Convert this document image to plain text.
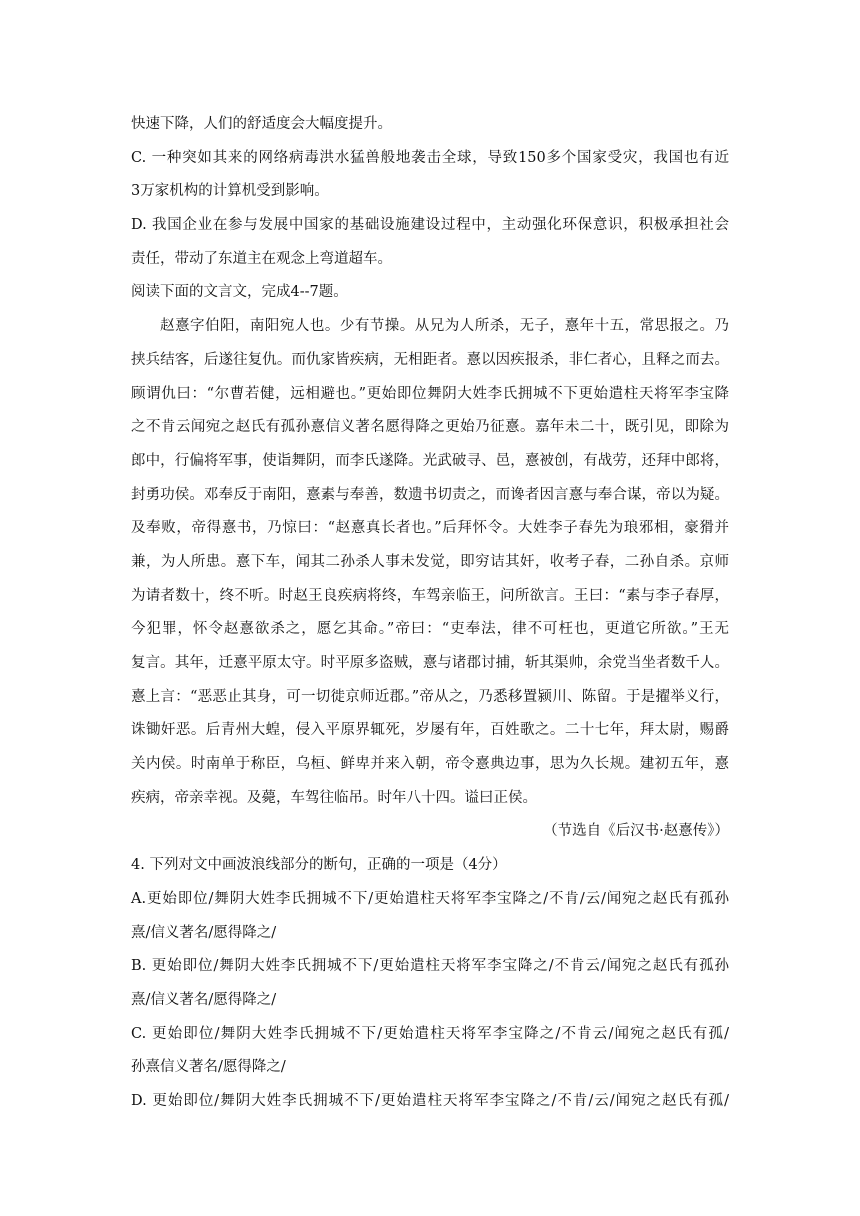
快速下降，人们的舒适度会大幅度提升。
C. 一种突如其来的网络病毒洪水猛兽般地袭击全球，导致150多个国家受灾，我国也有近
3万家机构的计算机受到影响。
D. 我国企业在参与发展中国家的基础设施建设过程中，主动强化环保意识，积极承担社会
责任，带动了东道主在观念上弯道超车。
阅读下面的文言文，完成4--7题。
赵憙字伯阳，南阳宛人也。少有节操。从兄为人所杀，无子，憙年十五，常思报之。乃
挟兵结客，后遂往复仇。而仇家皆疾病，无相距者。憙以因疾报杀，非仁者心，且释之而去。
顾谓仇曰：“尔曹若健，远相避也。”更始即位舞阴大姓李氏拥城不下更始遣柱天将军李宝降
之不肯云闻宛之赵氏有孤孙憙信义著名愿得降之更始乃征憙。嘉年未二十，既引见，即除为
郎中，行偏将军事，使诣舞阴，而李氏遂降。光武破寻、邑，憙被创，有战劳，还拜中郎将，
封勇功侯。邓奉反于南阳，憙素与奉善，数遗书切责之，而谗者因言憙与奉合谋，帝以为疑。
及奉败，帝得憙书，乃惊曰：“赵憙真长者也。”后拜怀令。大姓李子春先为琅邪相，豪猾并
兼，为人所患。憙下车，闻其二孙杀人事未发觉，即穷诘其奸，收考子春，二孙自杀。京师
为请者数十，终不听。时赵王良疾病将终，车驾亲临王，问所欲言。王曰：“素与李子春厚，
今犯罪，怀令赵憙欲杀之，愿乞其命。”帝曰：“吏奉法，律不可枉也，更道它所欲。”王无
复言。其年，迁憙平原太守。时平原多盗贼，憙与诸郡讨捕，斩其渠帅，余党当坐者数千人。
憙上言：“恶恶止其身，可一切徙京师近郡。”帝从之，乃悉移置颍川、陈留。于是擢举义行，
诛锄奸恶。后青州大蝗，侵入平原界辄死，岁屡有年，百姓歌之。二十七年，拜太尉，赐爵
关内侯。时南单于称臣，乌桓、鲜卑并来入朝，帝令憙典边事，思为久长规。建初五年，憙
疾病，帝亲幸视。及薨，车驾往临吊。时年八十四。谥曰正侯。
（节选自《后汉书·赵憙传》）
4. 下列对文中画波浪线部分的断句，正确的一项是（4分）
A.更始即位/舞阴大姓李氏拥城不下/更始遣柱天将军李宝降之/不肯/云/闻宛之赵氏有孤孙
熹/信义著名/愿得降之/
B. 更始即位/舞阴大姓李氏拥城不下/更始遣柱天将军李宝降之/不肯云/闻宛之赵氏有孤孙
熹/信义著名/愿得降之/
C. 更始即位/舞阴大姓李氏拥城不下/更始遣柱天将军李宝降之/不肯云/闻宛之赵氏有孤/
孙熹信义著名/愿得降之/
D. 更始即位/舞阴大姓李氏拥城不下/更始遣柱天将军李宝降之/不肯/云/闻宛之赵氏有孤/
